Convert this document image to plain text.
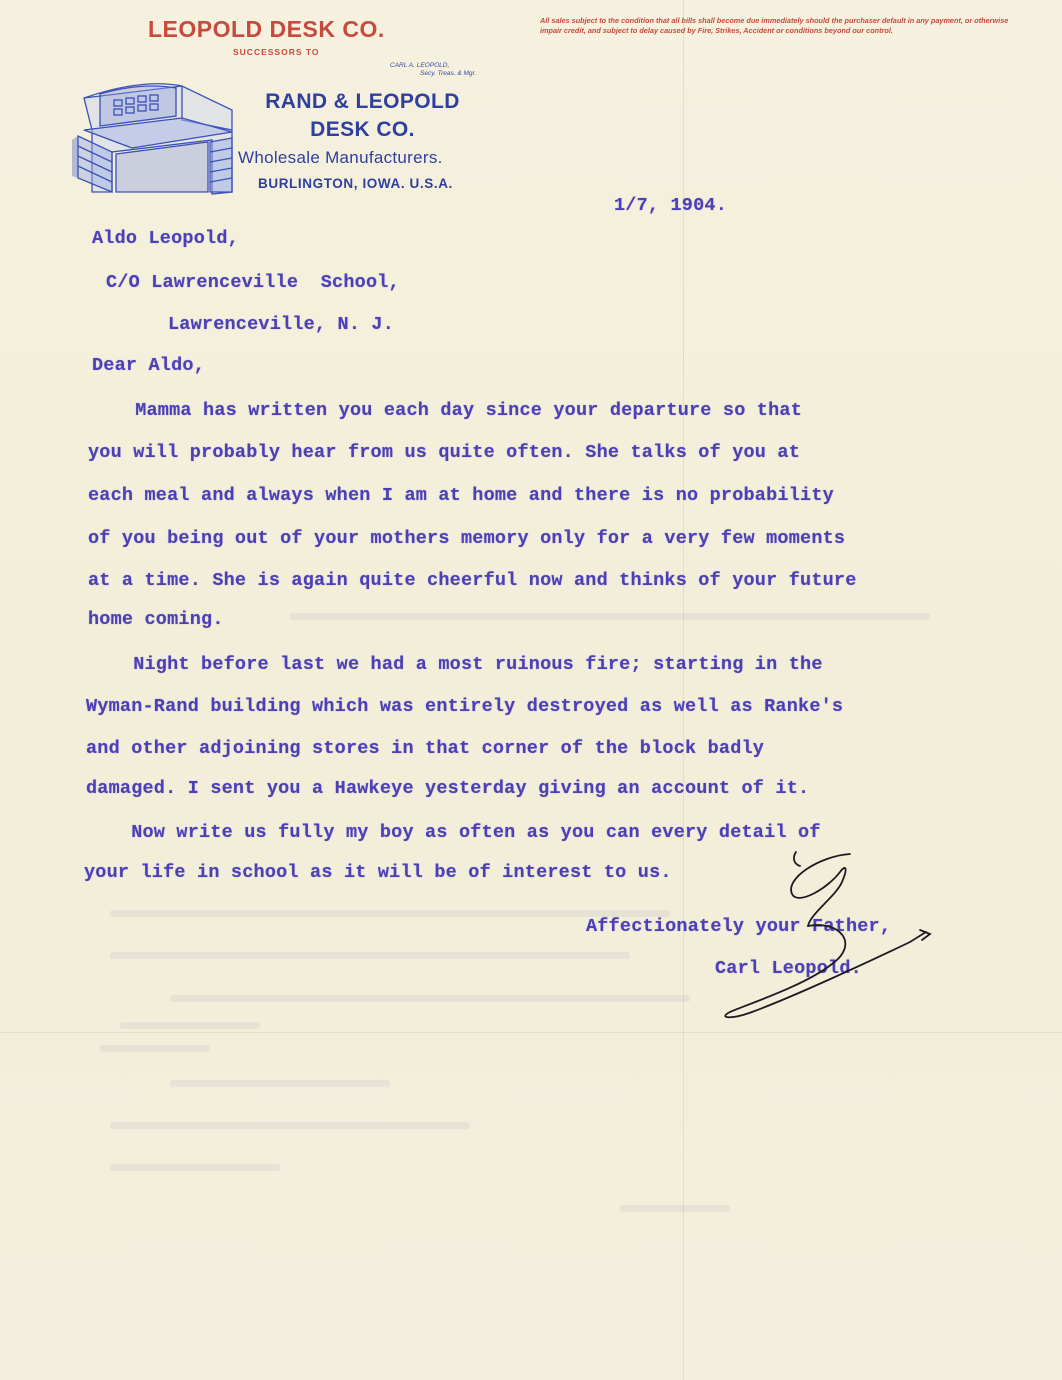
LEOPOLD DESK CO.
SUCCESSORS TO
CARL A. LEOPOLD,
Secy. Treas. & Mgr.
All sales subject to the condition that all bills shall become due immediately should the purchaser default in any payment, or otherwise impair credit, and subject to delay caused by Fire, Strikes, Accident or conditions beyond our control.
RAND & LEOPOLD
DESK CO.
Wholesale Manufacturers.
BURLINGTON, IOWA. U.S.A.
1/7, 1904.
Aldo Leopold,
C/O Lawrenceville  School,
Lawrenceville, N. J.
Dear Aldo,
Mamma has written you each day since your departure so that
you will probably hear from us quite often. She talks of you at
each meal and always when I am at home and there is no probability
of you being out of your mothers memory only for a very few moments
at a time. She is again quite cheerful now and thinks of your future
home coming.
Night before last we had a most ruinous fire; starting in the
Wyman-Rand building which was entirely destroyed as well as Ranke's
and other adjoining stores in that corner of the block badly
damaged. I sent you a Hawkeye yesterday giving an account of it.
Now write us fully my boy as often as you can every detail of
your life in school as it will be of interest to us.
Affectionately your Father,
Carl Leopold.
